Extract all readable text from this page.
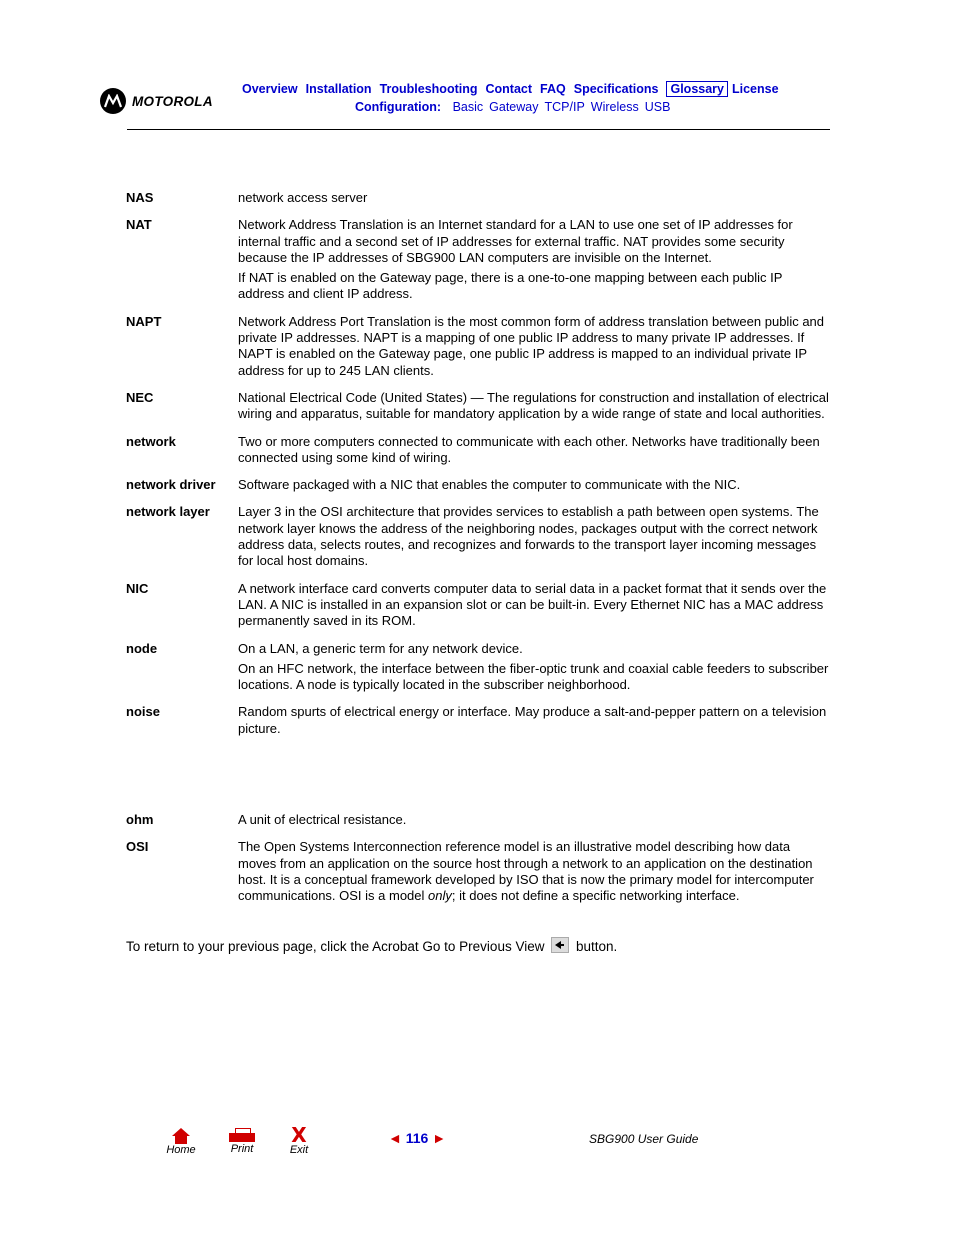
MOTOROLA
Overview Installation Troubleshooting Contact FAQ Specifications Glossary License
Configuration: Basic Gateway TCP/IP Wireless USB
NAS	network access server

NAT	Network Address Translation is an Internet standard for a LAN to use one set of IP addresses for internal traffic and a second set of IP addresses for external traffic. NAT provides some security because the IP addresses of SBG900 LAN computers are invisible on the Internet.

If NAT is enabled on the Gateway page, there is a one-to-one mapping between each public IP address and client IP address.

NAPT	Network Address Port Translation is the most common form of address translation between public and private IP addresses. NAPT is a mapping of one public IP address to many private IP addresses. If NAPT is enabled on the Gateway page, one public IP address is mapped to an individual private IP address for up to 245 LAN clients.

NEC	National Electrical Code (United States) — The regulations for construction and installation of electrical wiring and apparatus, suitable for mandatory application by a wide range of state and local authorities.

network	Two or more computers connected to communicate with each other. Networks have traditionally been connected using some kind of wiring.

network driver	Software packaged with a NIC that enables the computer to communicate with the NIC.

network layer	Layer 3 in the OSI architecture that provides services to establish a path between open systems. The network layer knows the address of the neighboring nodes, packages output with the correct network address data, selects routes, and recognizes and forwards to the transport layer incoming messages for local host domains.

NIC	A network interface card converts computer data to serial data in a packet format that it sends over the LAN. A NIC is installed in an expansion slot or can be built-in. Every Ethernet NIC has a MAC address permanently saved in its ROM.

node	On a LAN, a generic term for any network device.

On an HFC network, the interface between the fiber-optic trunk and coaxial cable feeders to subscriber locations. A node is typically located in the subscriber neighborhood.

noise	Random spurts of electrical energy or interface. May produce a salt-and-pepper pattern on a television picture.

ohm	A unit of electrical resistance.

OSI	The Open Systems Interconnection reference model is an illustrative model describing how data moves from an application on the source host through a network to an application on the destination host. It is a conceptual framework developed by ISO that is now the primary model for intercomputer communications. OSI is a model only; it does not define a specific networking interface.

To return to your previous page, click the Acrobat Go to Previous View button.
Home	Print
X
Exit
◄ 116 ►	SBG900 User Guide
